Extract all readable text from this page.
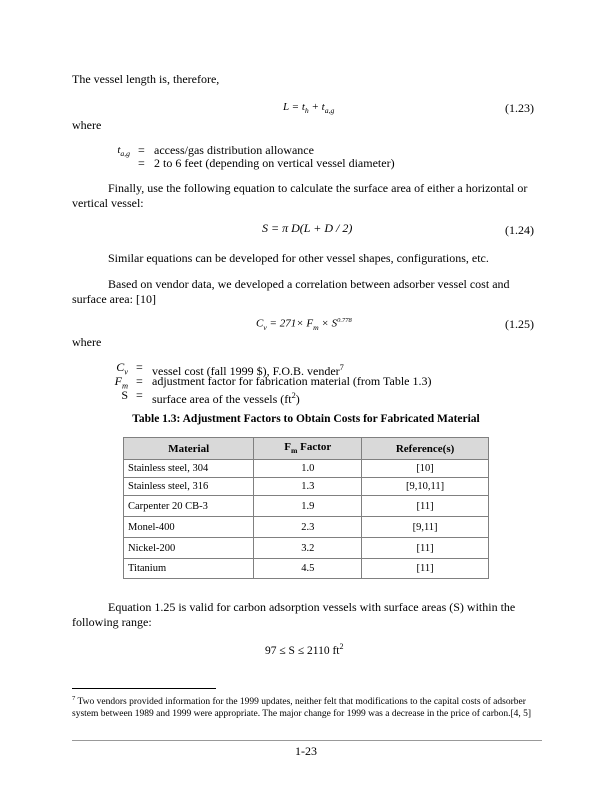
The vessel length is, therefore,
$L = t_h + t_{a,g}$	(1.23)
where
$t_{a,g}$ = access/gas distribution allowance
= 2 to 6 feet (depending on vertical vessel diameter)
Finally, use the following equation to calculate the surface area of either a horizontal or vertical vessel:
S = π D(L + D / 2)	(1.24)
Similar equations can be developed for other vessel shapes, configurations, etc.
Based on vendor data, we developed a correlation between adsorber vessel cost and surface area: [10]
$C_v = 271\times F_m \times S^{0.778}$	(1.25)
where
$C_v$ = vessel cost (fall 1999 $), F.O.B. vender$^7$
$F_m$ = adjustment factor for fabrication material (from Table 1.3)
S = surface area of the vessels $(ft^2)$
Table 1.3: Adjustment Factors to Obtain Costs for Fabricated Material
Material	$F_m$ Factor	Reference(s)
Stainless steel, 304	1.0	[10]
Stainless steel, 316	1.3	[9,10,11]
Carpenter 20 CB-3	1.9	[11]
Monel-400	2.3	[9,11]
Nickel-200	3.2	[11]
Titanium	4.5	[11]
Equation 1.25 is valid for carbon adsorption vessels with surface areas (S) within the following range:
97 ≤ S ≤ 2110 $ft^2$
$^7$ Two vendors provided information for the 1999 updates, neither felt that modifications to the capital costs of adsorber system between 1989 and 1999 were appropriate. The major change for 1999 was a decrease in the price of carbon.[4, 5]
1-23
